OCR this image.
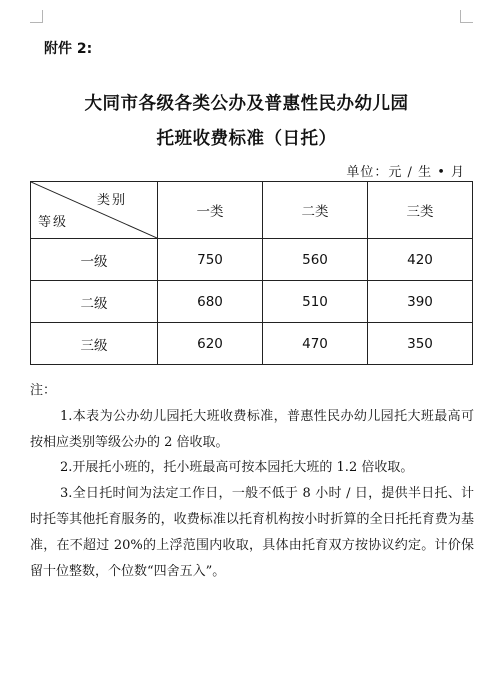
附件 2:
大同市各级各类公办及普惠性民办幼儿园
托班收费标准（日托）
单位：元 / 生 • 月
类别
等级	一类	二类	三类
一级	750	560	420
二级	680	510	390
三级	620	470	350

注：

1.本表为公办幼儿园托大班收费标准，普惠性民办幼儿园托大班最高可按相应类别等级公办的 2 倍收取。

2.开展托小班的，托小班最高可按本园托大班的 1.2 倍收取。

3.全日托时间为法定工作日，一般不低于 8 小时 / 日，提供半日托、计时托等其他托育服务的，收费标准以托育机构按小时折算的全日托托育费为基准，在不超过 20%的上浮范围内收取，具体由托育双方按协议约定。计价保留十位整数，个位数“四舍五入”。
